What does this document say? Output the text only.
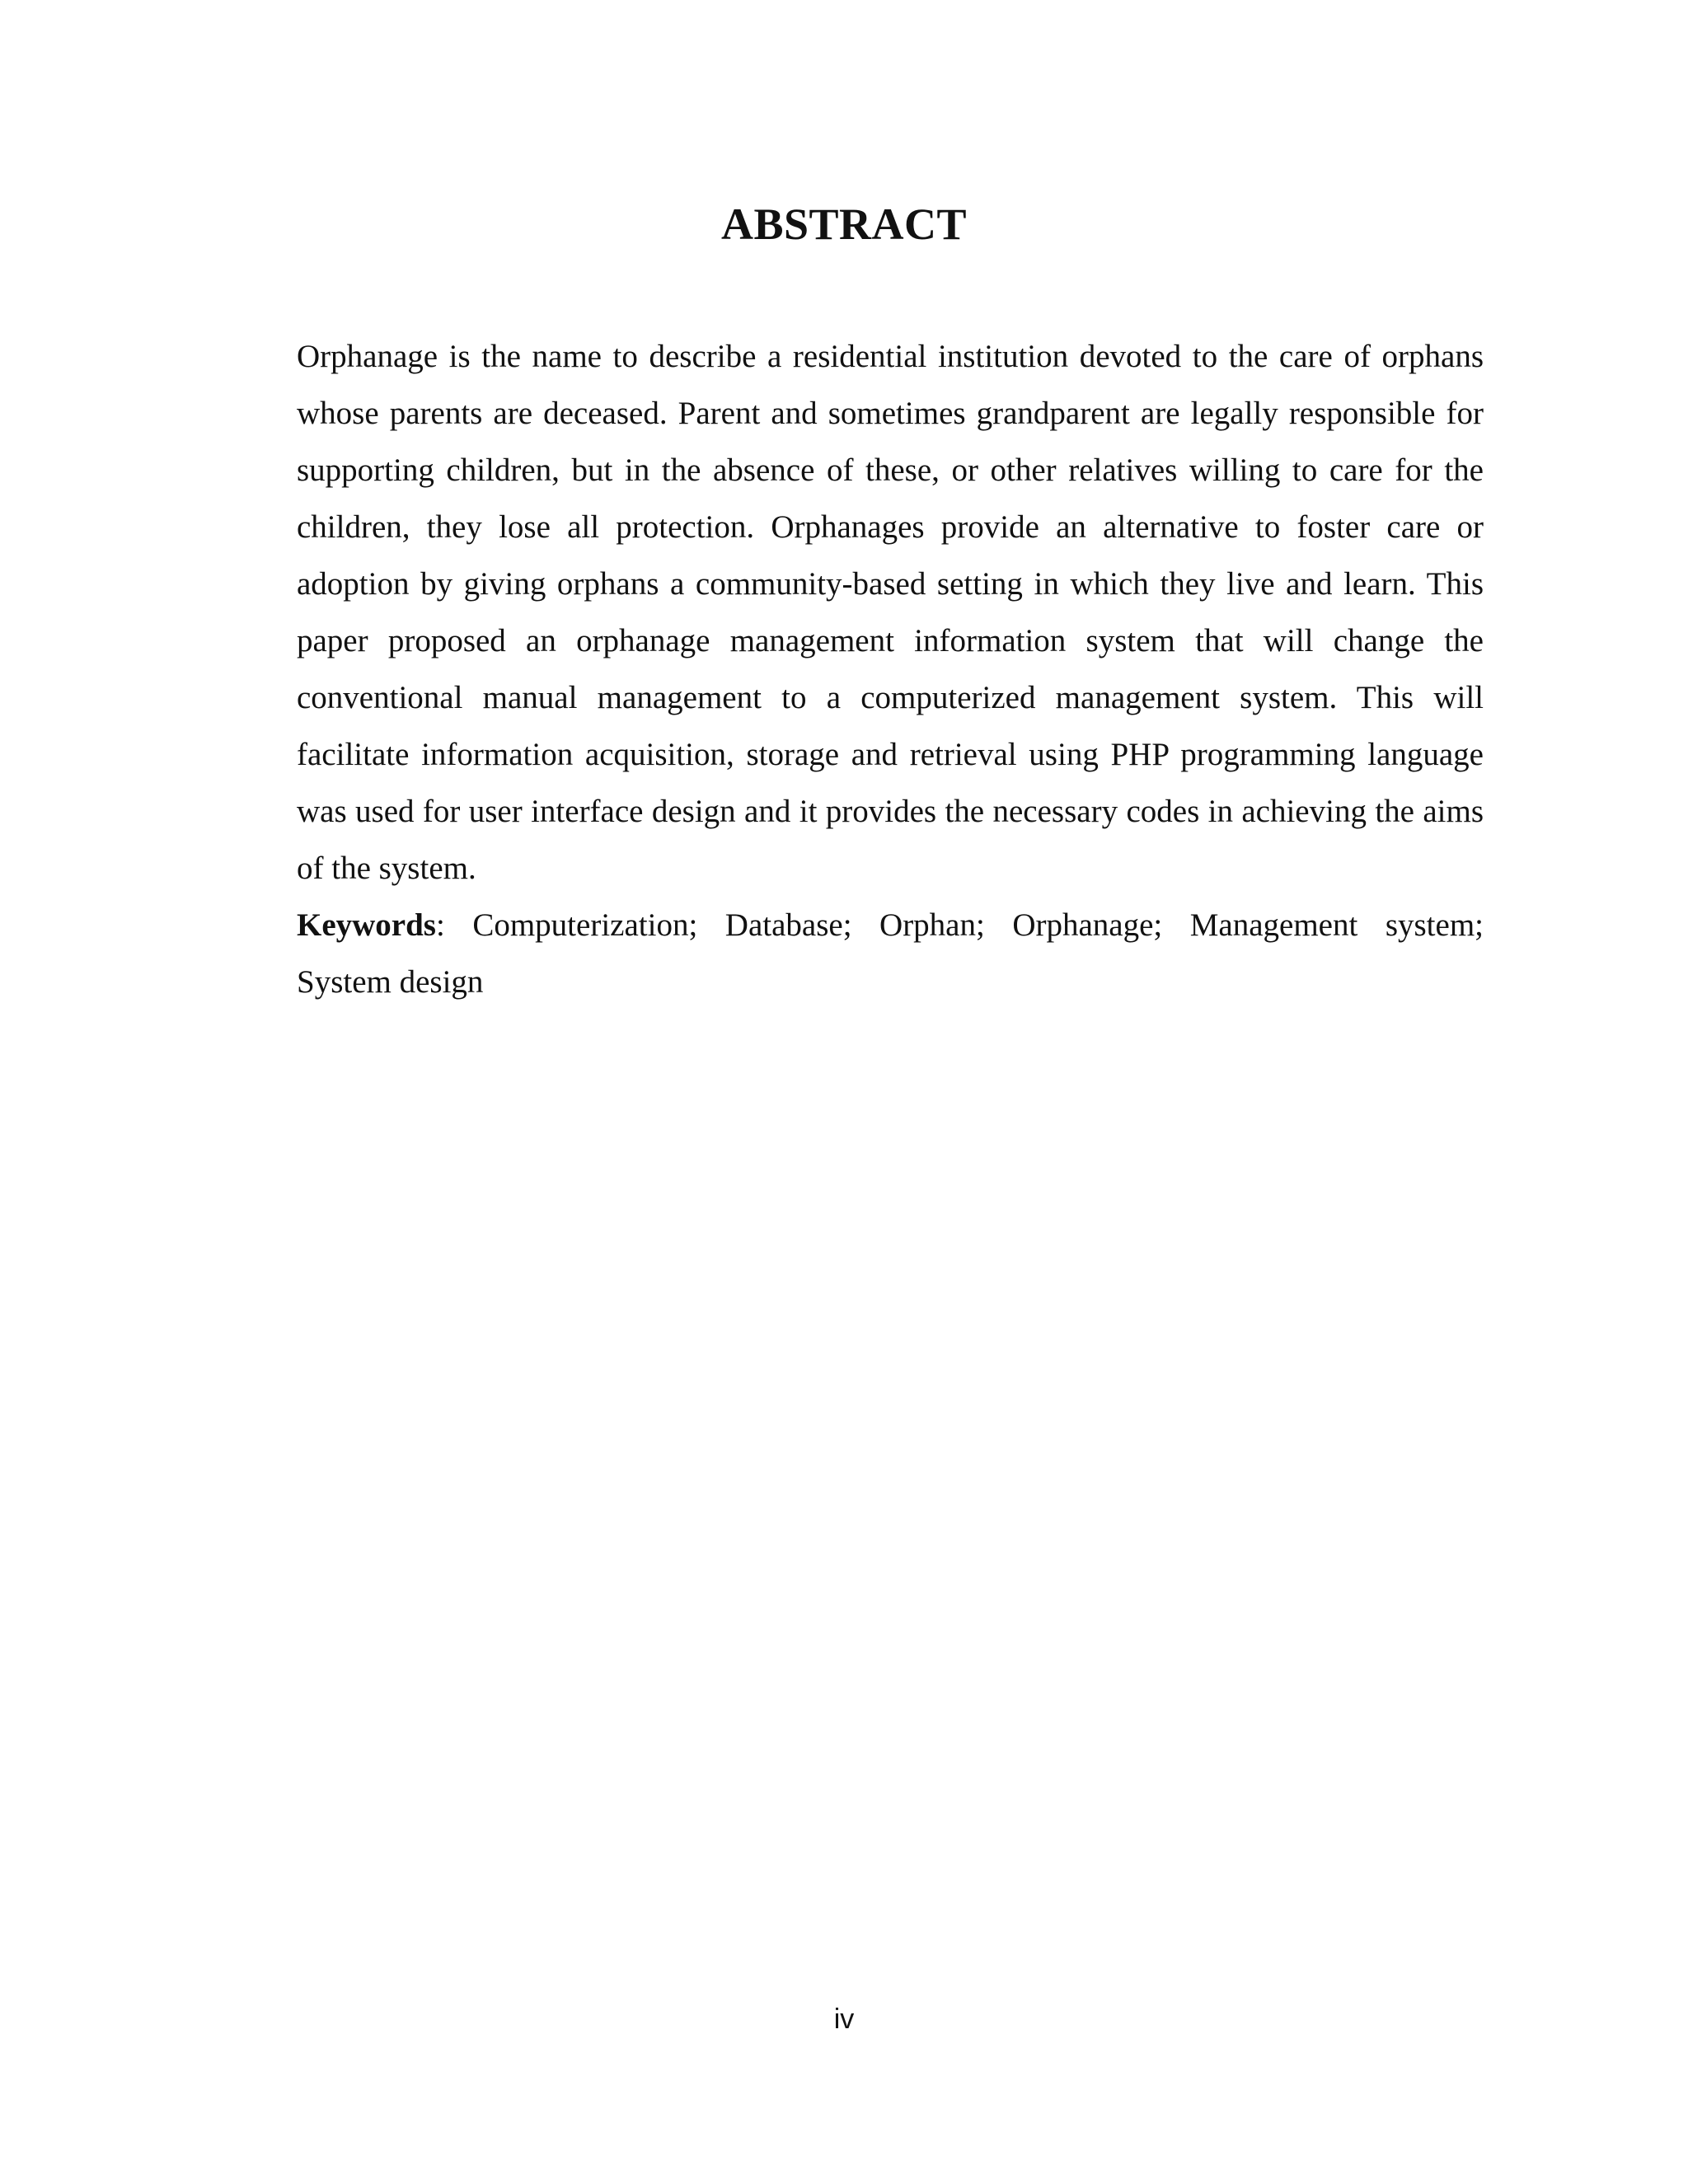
ABSTRACT
Orphanage is the name to describe a residential institution devoted to the care of orphans
whose parents are deceased. Parent and sometimes grandparent are legally responsible for
supporting children, but in the absence of these, or other relatives willing to care for the
children, they lose all protection. Orphanages provide an alternative to foster care or
adoption by giving orphans a community-based setting in which they live and learn. This
paper proposed an orphanage management information system that will change the
conventional manual management to a computerized management system. This will
facilitate information acquisition, storage and retrieval using PHP programming language
was used for user interface design and it provides the necessary codes in achieving the aims
of the system.
Keywords: Computerization; Database; Orphan; Orphanage; Management system;
System design
iv
